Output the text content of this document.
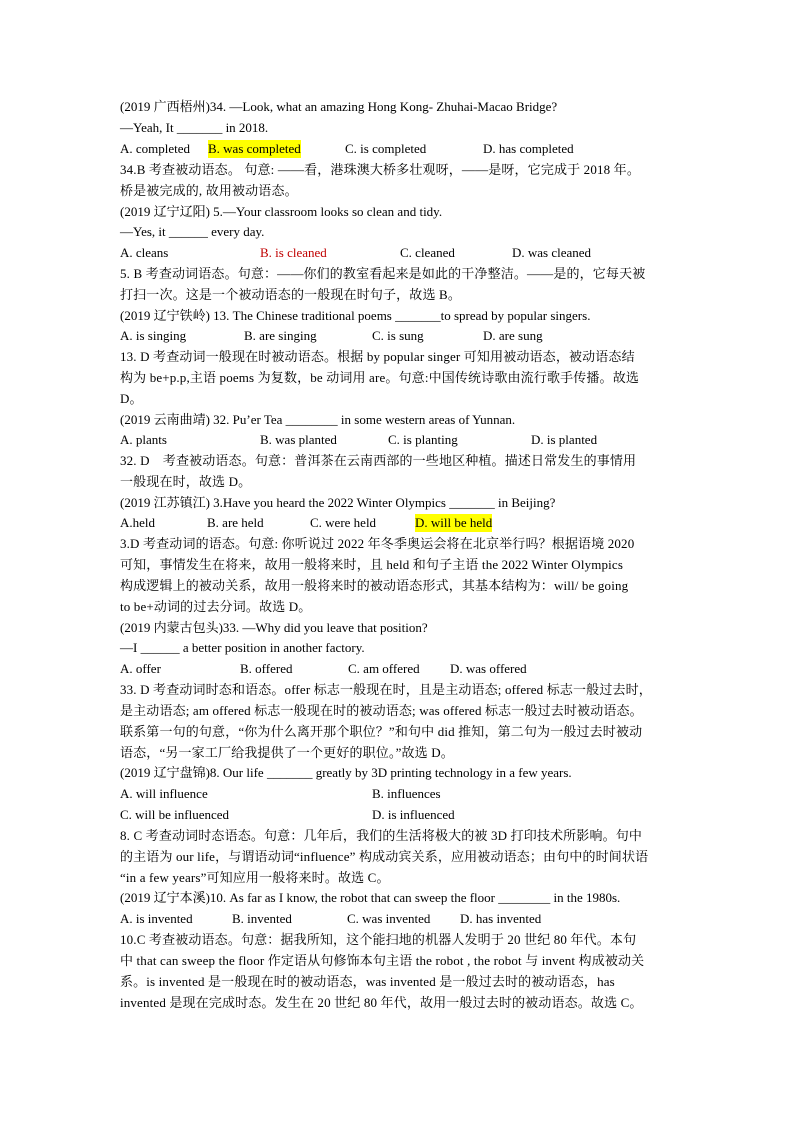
(2019 广西梧州)34. —Look, what an amazing Hong Kong- Zhuhai-Macao Bridge?
—Yeah, It _______ in 2018.
A. completed B. was completed	C. is completed	D. has completed
34.B 考查被动语态。 句意: ——看，港珠澳大桥多壮观呀，——是呀，它完成于 2018 年。
桥是被完成的, 故用被动语态。
(2019 辽宁辽阳) 5.—Your classroom looks so clean and tidy.
—Yes, it ______ every day.
A. cleans	B. is cleaned	C. cleaned	D. was cleaned
5. B 考查动词语态。句意：——你们的教室看起来是如此的干净整洁。——是的，它每天被
打扫一次。这是一个被动语态的一般现在时句子，故选 B。
(2019 辽宁铁岭) 13. The Chinese traditional poems _______to spread by popular singers.
A. is singing	B. are singing	C. is sung	D. are sung
13. D 考查动词一般现在时被动语态。根据 by popular singer 可知用被动语态，被动语态结
构为 be+p.p,主语 poems 为复数，be 动词用 are。句意:中国传统诗歌由流行歌手传播。故选
D。
(2019 云南曲靖) 32. Pu’er Tea ________ in some western areas of Yunnan.
A. plants	B. was planted	C. is planting	D. is planted
32. D　考查被动语态。句意：普洱茶在云南西部的一些地区种植。描述日常发生的事情用
一般现在时，故选 D。
(2019 江苏镇江) 3.Have you heard the 2022 Winter Olympics _______ in Beijing?
A.held	B. are held	C. were held	D. will be held
3.D 考查动词的语态。句意: 你听说过 2022 年冬季奥运会将在北京举行吗？根据语境 2020
可知，事情发生在将来，故用一般将来时，且 held 和句子主语 the 2022 Winter Olympics
构成逻辑上的被动关系，故用一般将来时的被动语态形式，其基本结构为：will/ be going
to be+动词的过去分词。故选 D。
(2019 内蒙古包头)33. —Why did you leave that position?
—I ______ a better position in another factory.
A. offer	B. offered	C. am offered D. was offered
33. D 考查动词时态和语态。offer 标志一般现在时，且是主动语态; offered 标志一般过去时，
是主动语态; am offered 标志一般现在时的被动语态; was offered 标志一般过去时被动语态。
联系第一句的句意，“你为什么离开那个职位？”和句中 did 推知，第二句为一般过去时被动
语态，“另一家工厂给我提供了一个更好的职位。”故选 D。
(2019 辽宁盘锦)8. Our life _______ greatly by 3D printing technology in a few years.
A. will influence	B. influences
C. will be influenced	D. is influenced
8. C 考查动词时态语态。句意：几年后，我们的生活将极大的被 3D 打印技术所影响。句中
的主语为 our life，与谓语动词“influence” 构成动宾关系，应用被动语态；由句中的时间状语
“in a few years”可知应用一般将来时。故选 C。
(2019 辽宁本溪)10. As far as I know, the robot that can sweep the floor ________ in the 1980s.
A. is invented	B. invented	C. was invented D. has invented
10.C 考查被动语态。句意：据我所知，这个能扫地的机器人发明于 20 世纪 80 年代。本句
中 that can sweep the floor 作定语从句修饰本句主语 the robot , the robot 与 invent 构成被动关
系。is invented 是一般现在时的被动语态，was invented 是一般过去时的被动语态，has
invented 是现在完成时态。发生在 20 世纪 80 年代，故用一般过去时的被动语态。故选 C。
